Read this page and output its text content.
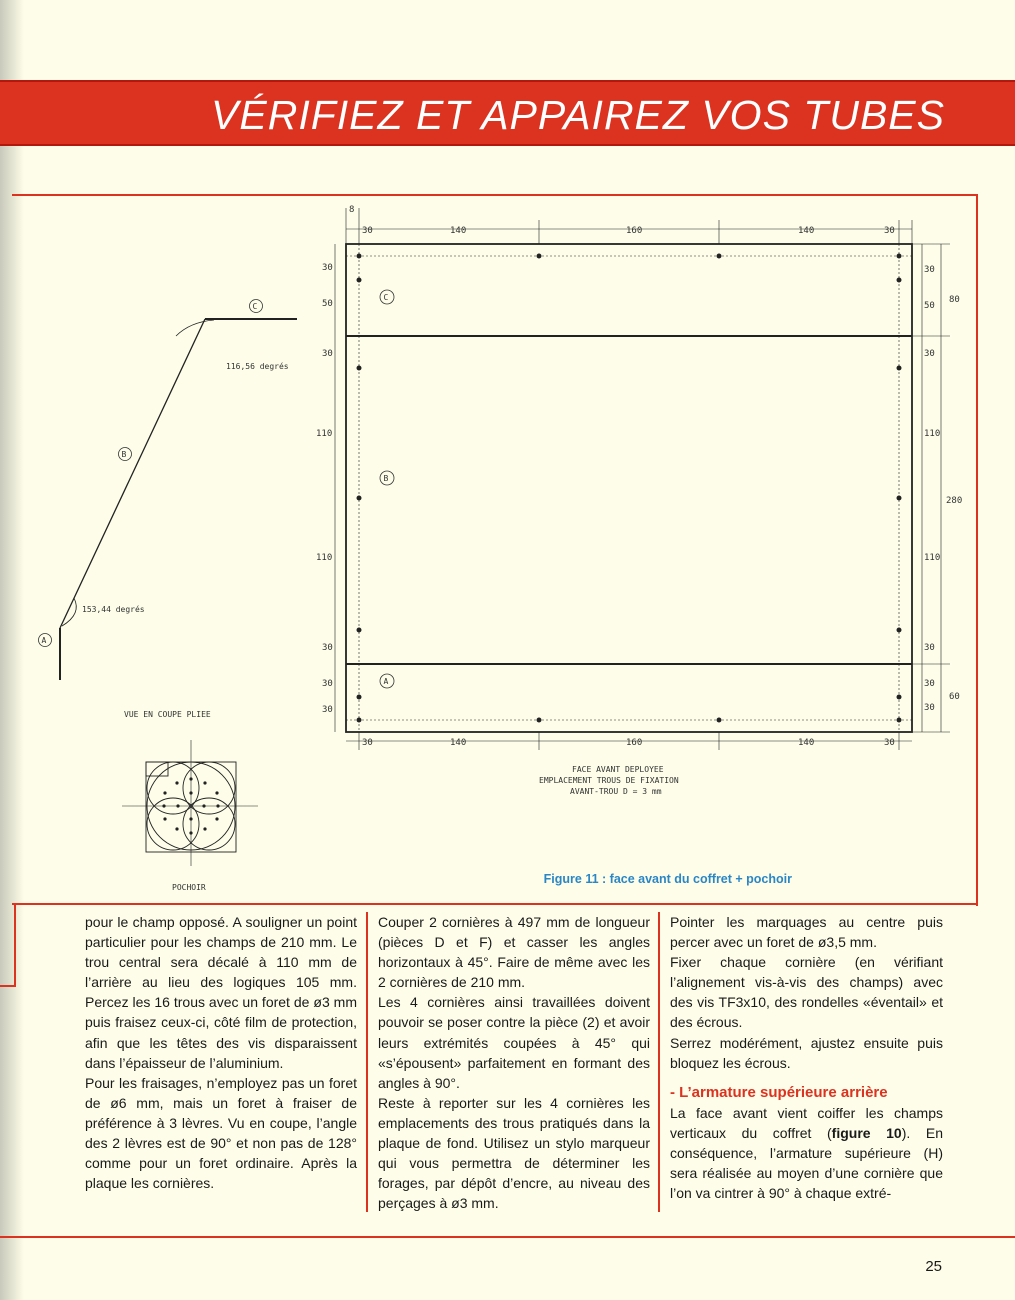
VÉRIFIEZ ET APPAIREZ VOS TUBES
116,56 degrés
153,44 degrés
C
B
A
VUE EN COUPE PLIEE
POCHOIR
8
30	140	160	140	30
30	140	160	140	30
30
50
30
110
110
30
30
30
30
50
30
110
110
30
30
30
80
280
60
C
B
A
FACE AVANT DEPLOYEE
EMPLACEMENT TROUS DE FIXATION
AVANT-TROU D = 3 mm
Figure 11 : face avant du coffret + pochoir

pour le champ opposé. A souligner un point particulier pour les champs de 210 mm. Le trou central sera décalé à 110 mm de l’arrière au lieu des logiques 105 mm. Percez les 16 trous avec un foret de ø3 mm puis fraisez ceux-ci, côté film de protection, afin que les têtes des vis disparaissent dans l’épaisseur de l’aluminium.

Pour les fraisages, n’employez pas un foret de ø6 mm, mais un foret à fraiser de préférence à 3 lèvres. Vu en coupe, l’angle des 2 lèvres est de 90° et non pas de 128° comme pour un foret ordinaire. Après la plaque les cornières.

Couper 2 cornières à 497 mm de longueur (pièces D et F) et casser les angles horizontaux à 45°. Faire de même avec les 2 cornières de 210 mm.

Les 4 cornières ainsi travaillées doivent pouvoir se poser contre la pièce (2) et avoir leurs extrémités coupées à 45° qui «s’épousent» parfaitement en formant des angles à 90°.

Reste à reporter sur les 4 cornières les emplacements des trous pratiqués dans la plaque de fond. Utilisez un stylo marqueur qui vous permettra de déterminer les forages, par dépôt d’encre, au niveau des perçages à ø3 mm.

Pointer les marquages au centre puis percer avec un foret de ø3,5 mm.

Fixer chaque cornière (en vérifiant l’alignement vis-à-vis des champs) avec des vis TF3x10, des rondelles «éventail» et des écrous.

Serrez modérément, ajustez ensuite puis bloquez les écrous.

- L’armature supérieure arrière

La face avant vient coiffer les champs verticaux du coffret (figure 10). En conséquence, l’armature supérieure (H) sera réalisée au moyen d’une cornière que l’on va cintrer à 90° à chaque extré-

25
